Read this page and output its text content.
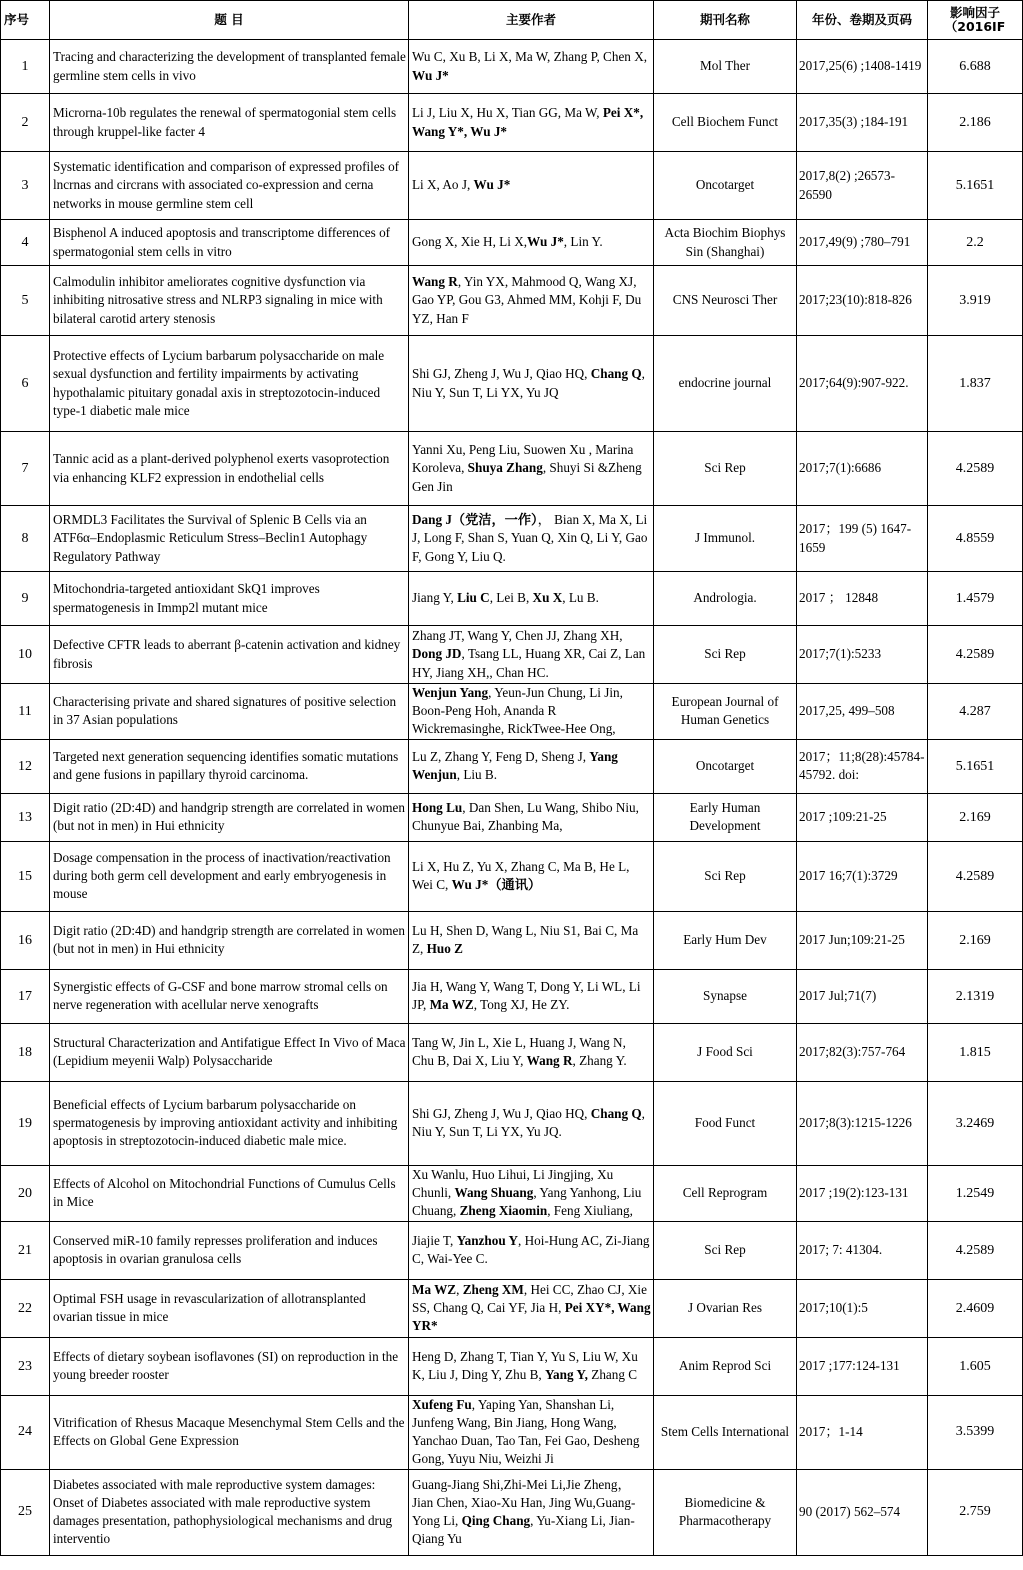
序号	题 目	主要作者	期刊名称	年份、卷期及页码	影响因子（2016IF
1	Tracing and characterizing the development of transplanted female germline stem cells in vivo	Wu C, Xu B, Li X, Ma W, Zhang P, Chen X, Wu J*	Mol Ther	2017,25(6) ;1408-1419	6.688
2	Microrna-10b regulates the renewal of spermatogonial stem cells through kruppel-like facter 4	Li J, Liu X, Hu X, Tian GG, Ma W, Pei X*, Wang Y*, Wu J*	Cell Biochem Funct	2017,35(3) ;184-191	2.186
3	Systematic identification and comparison of expressed profiles of lncrnas and circrans with associated co-expression and cerna networks in mouse germline stem cell	Li X, Ao J, Wu J*	Oncotarget	2017,8(2) ;26573-26590	5.1651
4	Bisphenol A induced apoptosis and transcriptome differences of spermatogonial stem cells in vitro	Gong X, Xie H, Li X,Wu J*, Lin Y.	Acta Biochim Biophys Sin (Shanghai)	2017,49(9) ;780–791	2.2
5	Calmodulin inhibitor ameliorates cognitive dysfunction via inhibiting nitrosative stress and NLRP3 signaling in mice with bilateral carotid artery stenosis	Wang R, Yin YX, Mahmood Q, Wang XJ, Gao YP, Gou G3, Ahmed MM, Kohji F, Du YZ, Han F	CNS Neurosci Ther	2017;23(10):818-826	3.919
6	Protective effects of Lycium barbarum polysaccharide on male sexual dysfunction and fertility impairments by activating hypothalamic pituitary gonadal axis in streptozotocin-induced type-1 diabetic male mice	Shi GJ, Zheng J, Wu J, Qiao HQ, Chang Q, Niu Y, Sun T, Li YX, Yu JQ	endocrine journal	2017;64(9):907-922.	1.837
7	Tannic acid as a plant-derived polyphenol exerts vasoprotection via enhancing KLF2 expression in endothelial cells	Yanni Xu, Peng Liu, Suowen Xu , Marina Koroleva, Shuya Zhang, Shuyi Si &Zheng Gen Jin	Sci Rep	2017;7(1):6686	4.2589
8	ORMDL3 Facilitates the Survival of Splenic B Cells via an ATF6α–Endoplasmic Reticulum Stress–Beclin1 Autophagy Regulatory Pathway	Dang J（党洁，一作）， Bian X, Ma X, Li J, Long F, Shan S, Yuan Q, Xin Q, Li Y, Gao F, Gong Y, Liu Q.	J Immunol.	2017；199 (5) 1647-1659	4.8559
9	Mitochondria-targeted antioxidant SkQ1 improves spermatogenesis in Immp2l mutant mice	Jiang Y, Liu C, Lei B, Xu X, Lu B.	Andrologia.	2017 ； 12848	1.4579
10	Defective CFTR leads to aberrant β-catenin activation and kidney fibrosis	Zhang JT, Wang Y, Chen JJ, Zhang XH, Dong JD, Tsang LL, Huang XR, Cai Z, Lan HY, Jiang XH,, Chan HC.	Sci Rep	2017;7(1):5233	4.2589
11	Characterising private and shared signatures of positive selection in 37 Asian populations	Wenjun Yang, Yeun-Jun Chung, Li Jin, Boon-Peng Hoh, Ananda R Wickremasinghe, RickTwee-Hee Ong,	European Journal of Human Genetics	2017,25, 499–508	4.287
12	Targeted next generation sequencing identifies somatic mutations and gene fusions in papillary thyroid carcinoma.	Lu Z, Zhang Y, Feng D, Sheng J, Yang Wenjun, Liu B.	Oncotarget	2017；11;8(28):45784-45792. doi:	5.1651
13	Digit ratio (2D:4D) and handgrip strength are correlated in women (but not in men) in Hui ethnicity	Hong Lu, Dan Shen, Lu Wang, Shibo Niu, Chunyue Bai, Zhanbing Ma,	Early Human Development	2017 ;109:21-25	2.169
15	Dosage compensation in the process of inactivation/reactivation during both germ cell development and early embryogenesis in mouse	Li X, Hu Z, Yu X, Zhang C, Ma B, He L, Wei C, Wu J*（通讯）	Sci Rep	2017 16;7(1):3729	4.2589
16	Digit ratio (2D:4D) and handgrip strength are correlated in women (but not in men) in Hui ethnicity	Lu H, Shen D, Wang L, Niu S1, Bai C, Ma Z, Huo Z	Early Hum Dev	2017 Jun;109:21-25	2.169
17	Synergistic effects of G-CSF and bone marrow stromal cells on nerve regeneration with acellular nerve xenografts	Jia H, Wang Y, Wang T, Dong Y, Li WL, Li JP, Ma WZ, Tong XJ, He ZY.	Synapse	2017 Jul;71(7)	2.1319
18	Structural Characterization and Antifatigue Effect In Vivo of Maca (Lepidium meyenii Walp) Polysaccharide	Tang W, Jin L, Xie L, Huang J, Wang N, Chu B, Dai X, Liu Y, Wang R, Zhang Y.	J Food Sci	2017;82(3):757-764	1.815
19	Beneficial effects of Lycium barbarum polysaccharide on spermatogenesis by improving antioxidant activity and inhibiting apoptosis in streptozotocin-induced diabetic male mice.	Shi GJ, Zheng J, Wu J, Qiao HQ, Chang Q, Niu Y, Sun T, Li YX, Yu JQ.	Food Funct	2017;8(3):1215-1226	3.2469
20	Effects of Alcohol on Mitochondrial Functions of Cumulus Cells in Mice	Xu Wanlu, Huo Lihui, Li Jingjing, Xu Chunli, Wang Shuang, Yang Yanhong, Liu Chuang, Zheng Xiaomin, Feng Xiuliang,	Cell Reprogram	2017 ;19(2):123-131	1.2549
21	Conserved miR-10 family represses proliferation and induces apoptosis in ovarian granulosa cells	Jiajie T, Yanzhou Y, Hoi-Hung AC, Zi-Jiang C, Wai-Yee C.	Sci Rep	2017; 7: 41304.	4.2589
22	Optimal FSH usage in revascularization of allotransplanted ovarian tissue in mice	Ma WZ, Zheng XM, Hei CC, Zhao CJ, Xie SS, Chang Q, Cai YF, Jia H, Pei XY*, Wang YR*	J Ovarian Res	2017;10(1):5	2.4609
23	Effects of dietary soybean isoflavones (SI) on reproduction in the young breeder rooster	Heng D, Zhang T, Tian Y, Yu S, Liu W, Xu K, Liu J, Ding Y, Zhu B, Yang Y, Zhang C	Anim Reprod Sci	2017 ;177:124-131	1.605
24	Vitrification of Rhesus Macaque Mesenchymal Stem Cells and the Effects on Global Gene Expression	Xufeng Fu, Yaping Yan, Shanshan Li, Junfeng Wang, Bin Jiang, Hong Wang, Yanchao Duan, Tao Tan, Fei Gao, Desheng Gong, Yuyu Niu, Weizhi Ji	Stem Cells International	2017；1-14	3.5399
25	Diabetes associated with male reproductive system damages: Onset of Diabetes associated with male reproductive system damages presentation, pathophysiological mechanisms and drug interventio	Guang-Jiang Shi,Zhi-Mei Li,Jie Zheng，Jian Chen, Xiao-Xu Han, Jing Wu,Guang-Yong Li, Qing Chang, Yu-Xiang Li, Jian-Qiang Yu	Biomedicine & Pharmacotherapy	90 (2017) 562–574	2.759
